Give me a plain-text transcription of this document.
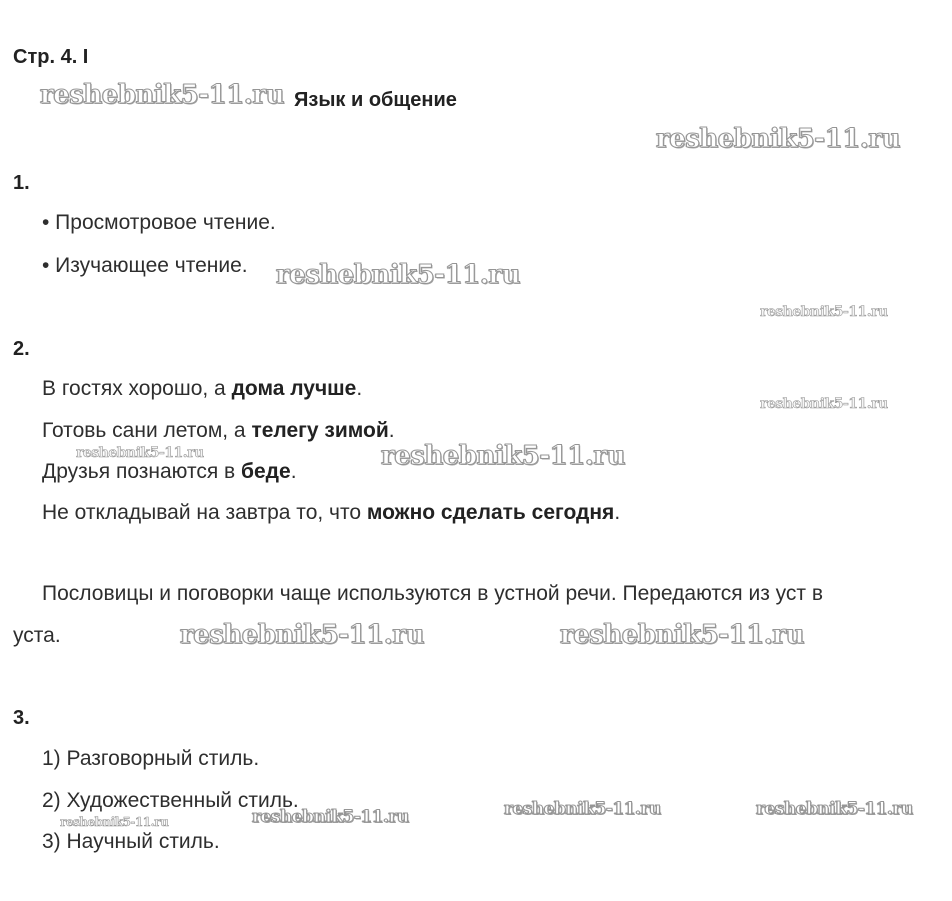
Стр. 4. I
Язык и общение
1.
• Просмотровое чтение.
• Изучающее чтение.
2.
В гостях хорошо, а дома лучше.
Готовь сани летом, а телегу зимой.
Друзья познаются в беде.
Не откладывай на завтра то, что можно сделать сегодня.
Пословицы и поговорки чаще используются в устной речи. Передаются из уст в
уста.
3.
1) Разговорный стиль.
2) Художественный стиль.
3) Научный стиль.
reshebnik5-11.ru
reshebnik5-11.ru
reshebnik5-11.ru
reshebnik5-11.ru
reshebnik5-11.ru
reshebnik5-11.ru	reshebnik5-11.ru
reshebnik5-11.ru	reshebnik5-11.ru
reshebnik5-11.ru	reshebnik5-11.ru
reshebnik5-11.ru	reshebnik5-11.ru
